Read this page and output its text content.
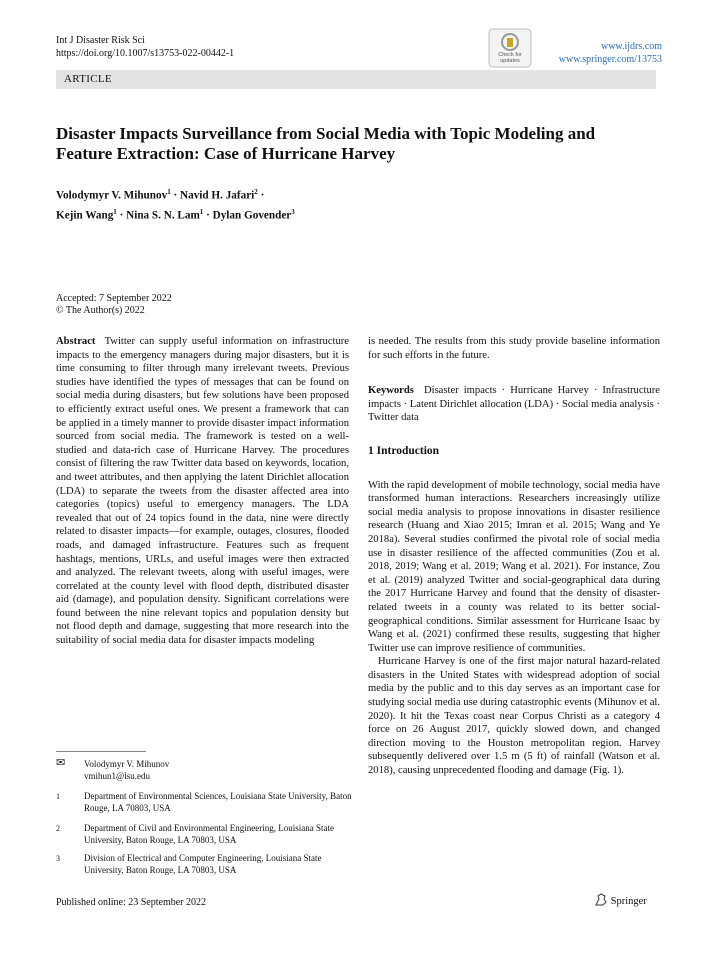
Int J Disaster Risk Sci
https://doi.org/10.1007/s13753-022-00442-1	Check for
updates
www.ijdrs.com
www.springer.com/13753
ARTICLE
Disaster Impacts Surveillance from Social Media with Topic Modeling and Feature Extraction: Case of Hurricane Harvey
Volodymyr V. Mihunov$^1$ · Navid H. Jafari$^2$ ·
Kejin Wang$^1$ · Nina S. N. Lam$^1$ · Dylan Govender$^3$
Accepted: 7 September 2022
© The Author(s) 2022

Abstract Twitter can supply useful information on infrastructure impacts to the emergency managers during major disasters, but it is time consuming to filter through many irrelevant tweets. Previous studies have identified the types of messages that can be found on social media during disasters, but few solutions have been proposed to efficiently extract useful ones. We present a framework that can be applied in a timely manner to provide disaster impact information sourced from social media. The framework is tested on a well-studied and data-rich case of Hurricane Harvey. The procedures consist of filtering the raw Twitter data based on keywords, location, and tweet attributes, and then applying the latent Dirichlet allocation (LDA) to separate the tweets from the disaster affected area into categories (topics) useful to emergency managers. The LDA revealed that out of 24 topics found in the data, nine were directly related to disaster impacts—for example, outages, closures, flooded roads, and damaged infrastructure. Features such as frequent hashtags, mentions, URLs, and useful images were then extracted and analyzed. The relevant tweets, along with useful images, were correlated at the county level with flood depth, distributed disaster aid (damage), and population density. Significant correlations were found between the nine relevant topics and population density but not flood depth and damage, suggesting that more research into the suitability of social media data for disaster impacts modeling

is needed. The results from this study provide baseline information for such efforts in the future.

Keywords Disaster impacts · Hurricane Harvey · Infrastructure impacts · Latent Dirichlet allocation (LDA) · Social media analysis · Twitter data

1 Introduction

With the rapid development of mobile technology, social media have transformed human interactions. Researchers increasingly utilize social media analysis to propose innovations in disaster resilience research (Huang and Xiao 2015; Imran et al. 2015; Wang and Ye 2018a). Several studies confirmed the pivotal role of social media use in disaster resilience of the affected communities (Zou et al. 2018, 2019; Wang et al. 2019; Wang et al. 2021). For instance, Zou et al. (2019) analyzed Twitter and social-geographical data during the 2017 Hurricane Harvey and found that the density of disaster-related tweets in a county was related to its better social-geographical conditions. Similar assessment for Hurricane Isaac by Wang et al. (2021) confirmed these results, suggesting that higher Twitter use can improve resilience of communities.

Hurricane Harvey is one of the first major natural hazard-related disasters in the United States with widespread adoption of social media by the public and to this day serves as an important case for studying social media use during catastrophic events (Mihunov et al. 2020). It hit the Texas coast near Corpus Christi as a category 4 force on 26 August 2017, quickly slowed down, and changed direction moving to the Houston metropolitan region. Harvey subsequently delivered over 1.5 m (5 ft) of rainfall (Watson et al. 2018), causing unprecedented flooding and damage (Fig. 1).

✉ Volodymyr V. Mihunov
vmihun1@lsu.edu
1	Department of Environmental Sciences, Louisiana State University, Baton Rouge, LA 70803, USA
2	Department of Civil and Environmental Engineering, Louisiana State University, Baton Rouge, LA 70803, USA
3	Division of Electrical and Computer Engineering, Louisiana State University, Baton Rouge, LA 70803, USA
Published online: 23 September 2022	Springer
